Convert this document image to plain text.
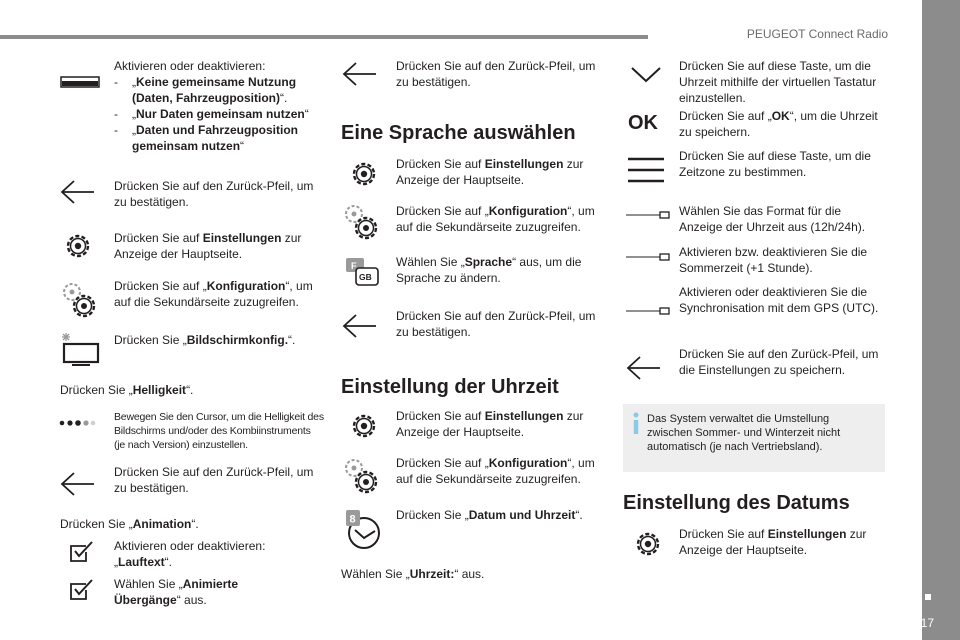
PEUGEOT Connect Radio
17
Aktivieren oder deaktivieren:
- „Keine gemeinsame Nutzung (Daten, Fahrzeugposition)“.
- „Nur Daten gemeinsam nutzen“
- „Daten und Fahrzeugposition gemeinsam nutzen“
Drücken Sie auf den Zurück-Pfeil, um zu bestätigen.
Drücken Sie auf Einstellungen zur Anzeige der Hauptseite.
Drücken Sie auf „Konfiguration“, um auf die Sekundärseite zuzugreifen.
Drücken Sie „Bildschirmkonfig.“.
Drücken Sie „Helligkeit“.
Bewegen Sie den Cursor, um die Helligkeit des Bildschirms und/oder des Kombiinstruments (je nach Version) einzustellen.
Drücken Sie auf den Zurück-Pfeil, um zu bestätigen.
Drücken Sie „Animation“.
Aktivieren oder deaktivieren: „Lauftext“.
Wählen Sie „Animierte Übergänge“ aus.
Drücken Sie auf den Zurück-Pfeil, um zu bestätigen.
Eine Sprache auswählen
Drücken Sie auf Einstellungen zur Anzeige der Hauptseite.
Drücken Sie auf „Konfiguration“, um auf die Sekundärseite zuzugreifen.
F
GB
Wählen Sie „Sprache“ aus, um die Sprache zu ändern.
Drücken Sie auf den Zurück-Pfeil, um zu bestätigen.
Einstellung der Uhrzeit
Drücken Sie auf Einstellungen zur Anzeige der Hauptseite.
Drücken Sie auf „Konfiguration“, um auf die Sekundärseite zuzugreifen.
8	Drücken Sie „Datum und Uhrzeit“.
Wählen Sie „Uhrzeit:“ aus.
Drücken Sie auf diese Taste, um die Uhrzeit mithilfe der virtuellen Tastatur einzustellen.
OK Drücken Sie auf „OK“, um die Uhrzeit zu speichern.
Drücken Sie auf diese Taste, um die Zeitzone zu bestimmen.
Wählen Sie das Format für die Anzeige der Uhrzeit aus (12h/24h).
Aktivieren bzw. deaktivieren Sie die Sommerzeit (+1 Stunde).
Aktivieren oder deaktivieren Sie die Synchronisation mit dem GPS (UTC).
Drücken Sie auf den Zurück-Pfeil, um die Einstellungen zu speichern.
Das System verwaltet die Umstellung zwischen Sommer- und Winterzeit nicht automatisch (je nach Vertriebsland).
Einstellung des Datums
Drücken Sie auf Einstellungen zur Anzeige der Hauptseite.
